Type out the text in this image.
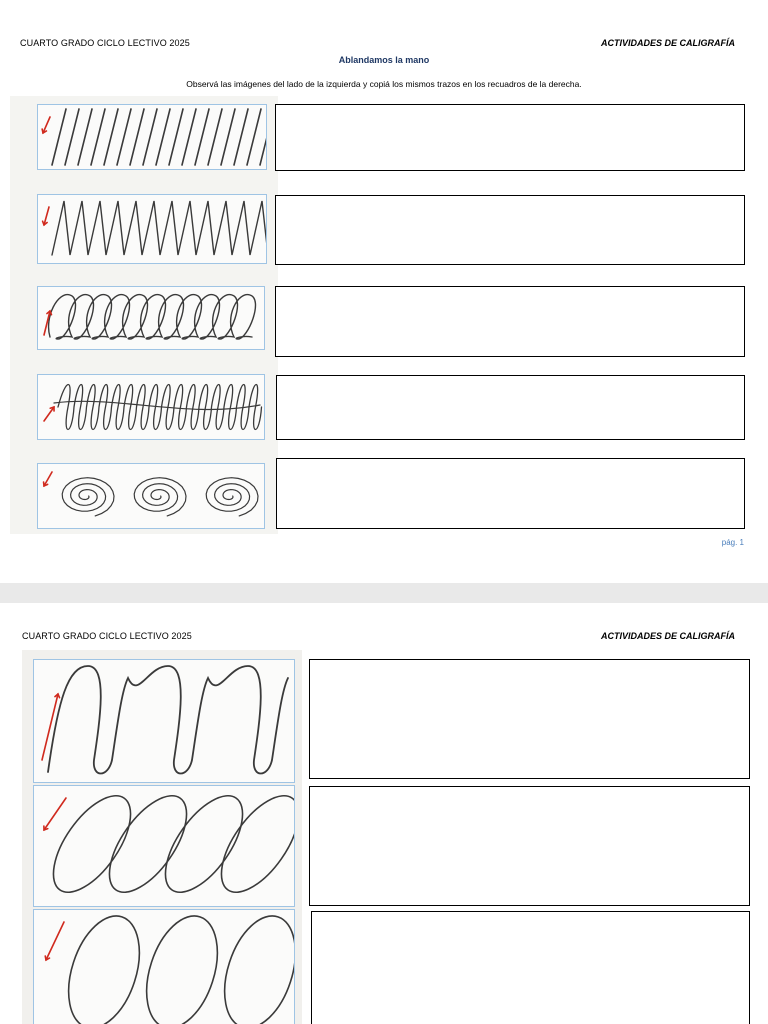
CUARTO GRADO CICLO LECTIVO 2025	ACTIVIDADES DE CALIGRAFÍA
Ablandamos la mano
Observá las imágenes del lado de la izquierda y copiá los mismos trazos en los recuadros de la derecha.
pág. 1
CUARTO GRADO CICLO LECTIVO 2025	ACTIVIDADES DE CALIGRAFÍA
